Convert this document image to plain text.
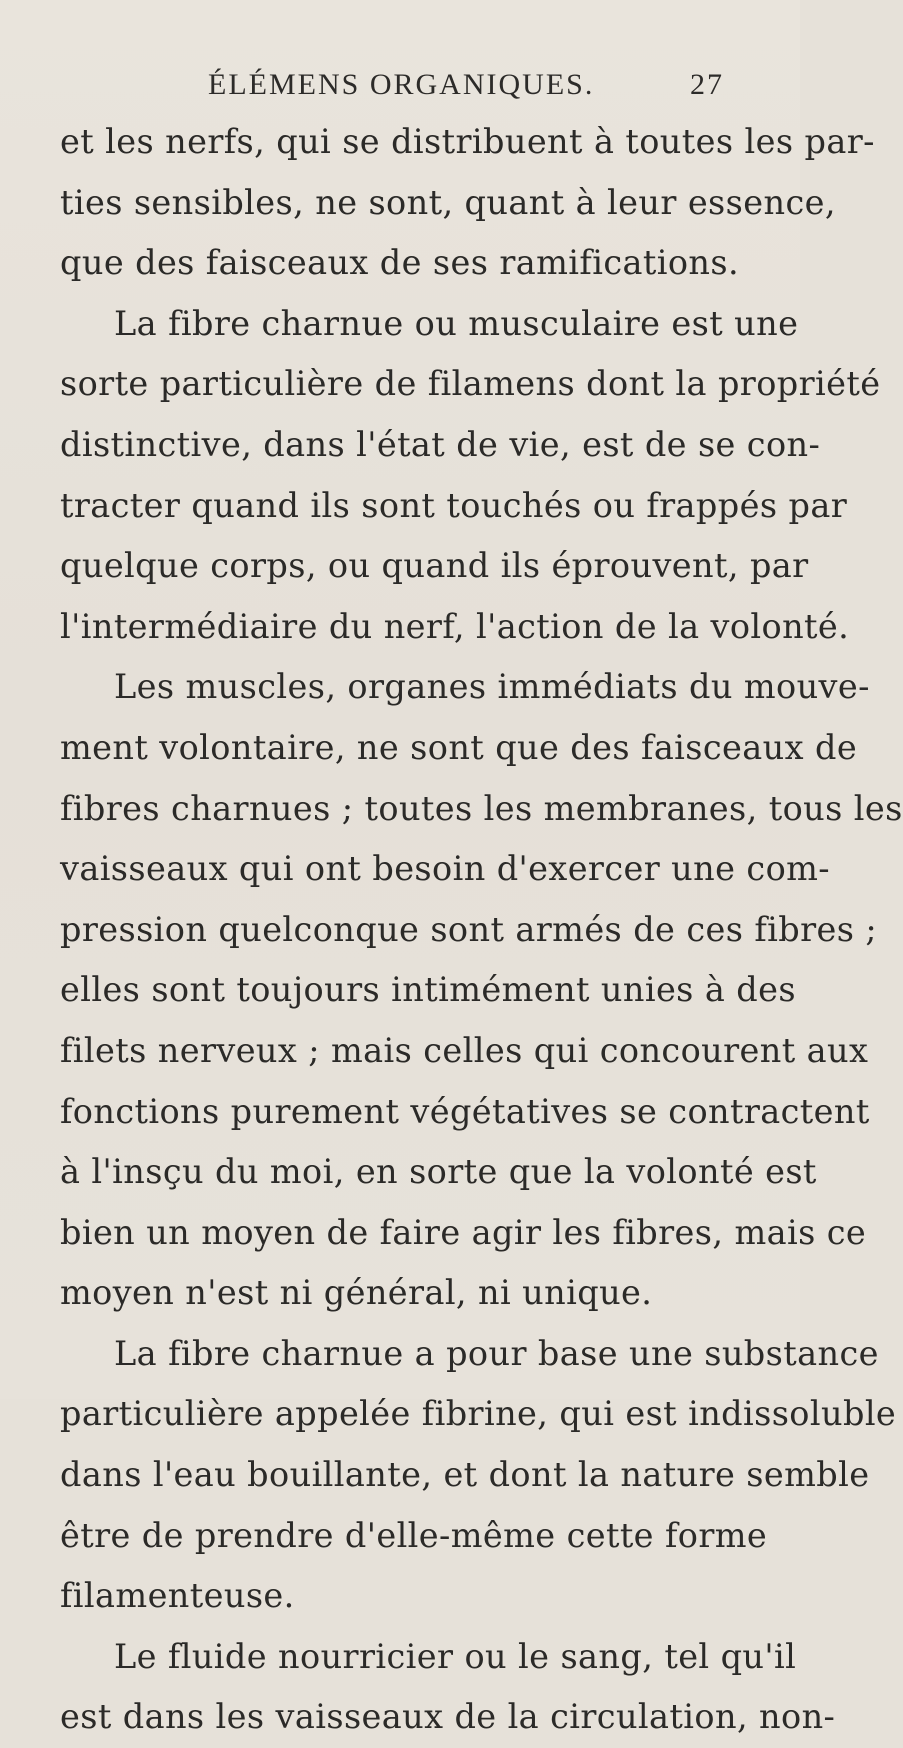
ÉLÉMENS ORGANIQUES.	27
et les nerfs, qui se distribuent à toutes les par-
ties sensibles, ne sont, quant à leur essence,
que des faisceaux de ses ramifications.
La fibre charnue ou musculaire est une
sorte particulière de filamens dont la propriété
distinctive, dans l'état de vie, est de se con-
tracter quand ils sont touchés ou frappés par
quelque corps, ou quand ils éprouvent, par
l'intermédiaire du nerf, l'action de la volonté.
Les muscles, organes immédiats du mouve-
ment volontaire, ne sont que des faisceaux de
fibres charnues ; toutes les membranes, tous les
vaisseaux qui ont besoin d'exercer une com-
pression quelconque sont armés de ces fibres ;
elles sont toujours intimément unies à des
filets nerveux ; mais celles qui concourent aux
fonctions purement végétatives se contractent
à l'insçu du moi, en sorte que la volonté est
bien un moyen de faire agir les fibres, mais ce
moyen n'est ni général, ni unique.
La fibre charnue a pour base une substance
particulière appelée fibrine, qui est indissoluble
dans l'eau bouillante, et dont la nature semble
être de prendre d'elle-même cette forme
filamenteuse.
Le fluide nourricier ou le sang, tel qu'il
est dans les vaisseaux de la circulation, non-
